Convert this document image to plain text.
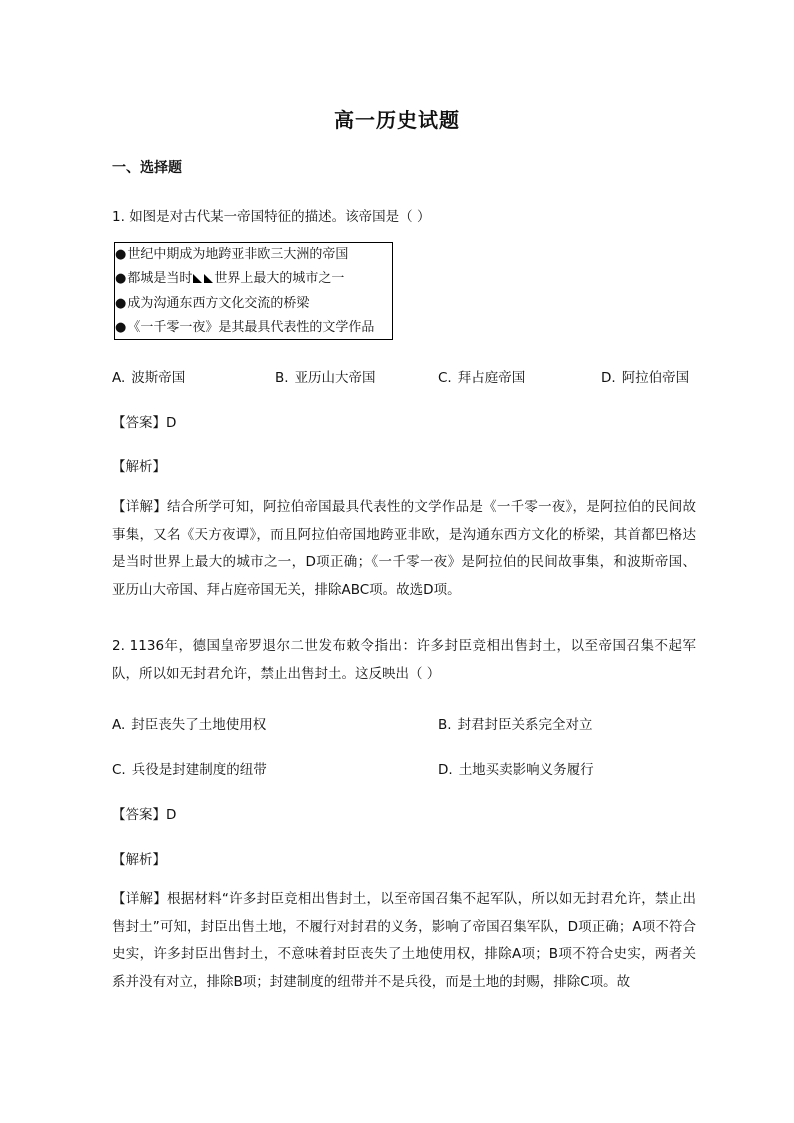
高一历史试题
一、选择题
1. 如图是对古代某一帝国特征的描述。该帝国是（ ）
●世纪中期成为地跨亚非欧三大洲的帝国
●都城是当时 世界上最大的城市之一
●成为沟通东西方文化交流的桥梁
●《一千零一夜》是其最具代表性的文学作品
A. 波斯帝国	B. 亚历山大帝国	C. 拜占庭帝国	D. 阿拉伯帝国
【答案】D
【解析】
【详解】结合所学可知，阿拉伯帝国最具代表性的文学作品是《一千零一夜》，是阿拉伯的民间故事集，又名《天方夜谭》，而且阿拉伯帝国地跨亚非欧，是沟通东西方文化的桥梁，其首都巴格达是当时世界上最大的城市之一，D项正确；《一千零一夜》是阿拉伯的民间故事集，和波斯帝国、亚历山大帝国、拜占庭帝国无关，排除ABC项。故选D项。
2. 1136年，德国皇帝罗退尔二世发布敕令指出：许多封臣竞相出售封土，以至帝国召集不起军队，所以如无封君允许，禁止出售封土。这反映出（ ）
A. 封臣丧失了土地使用权	B. 封君封臣关系完全对立
C. 兵役是封建制度的纽带	D. 土地买卖影响义务履行
【答案】D
【解析】
【详解】根据材料“许多封臣竞相出售封土，以至帝国召集不起军队，所以如无封君允许，禁止出售封土”可知，封臣出售土地，不履行对封君的义务，影响了帝国召集军队，D项正确；A项不符合史实，许多封臣出售封土，不意味着封臣丧失了土地使用权，排除A项；B项不符合史实，两者关系并没有对立，排除B项；封建制度的纽带并不是兵役，而是土地的封赐，排除C项。故
